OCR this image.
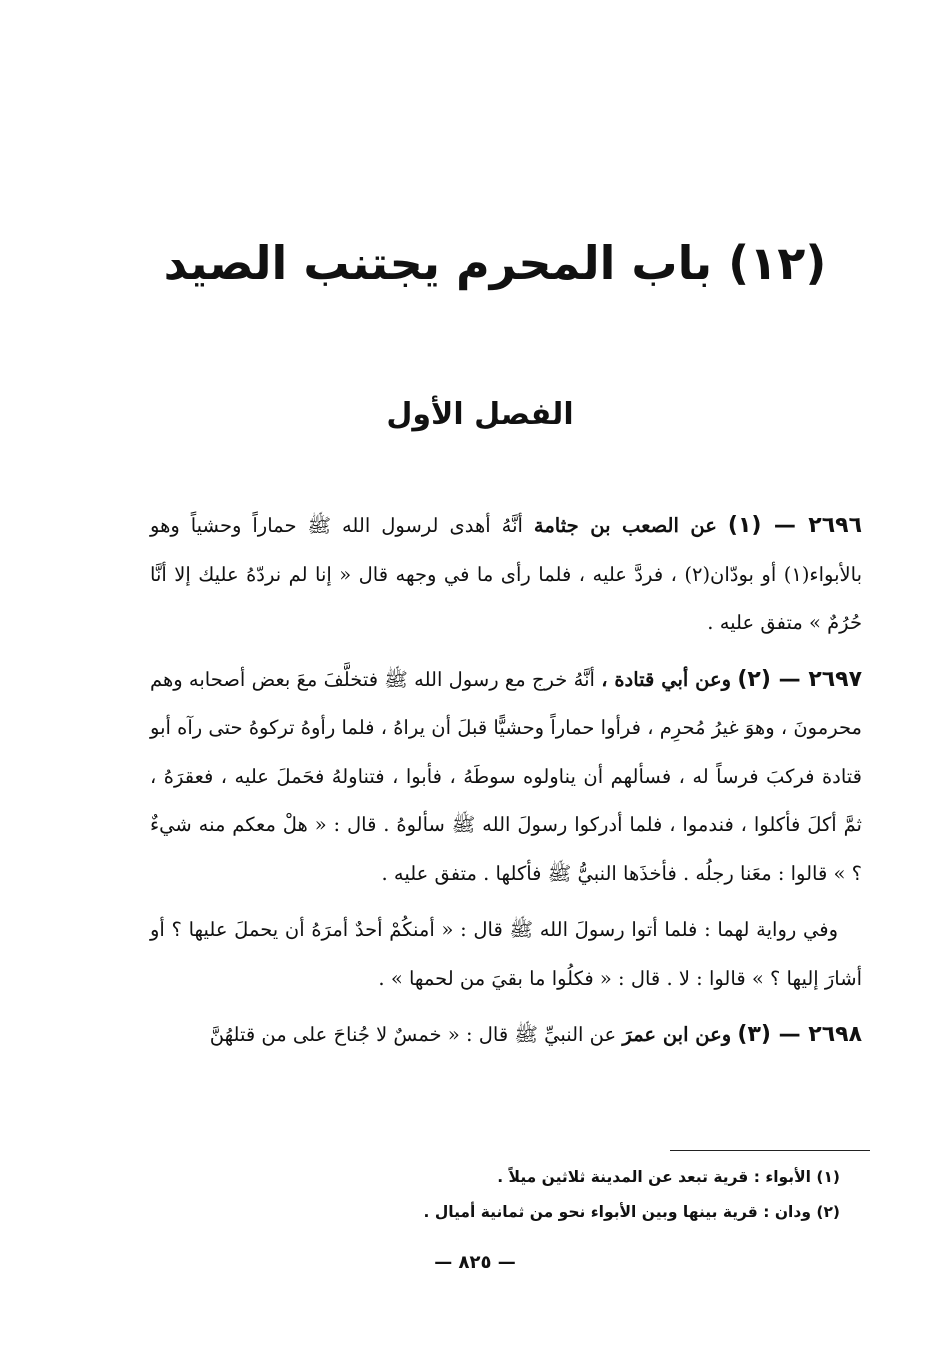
(١٢) باب المحرم يجتنب الصيد
الفصل الأول

٢٦٩٦ — (١) عن الصعب بن جثامة أنَّهُ أهدى لرسول الله ﷺ حماراً وحشياً وهو بالأبواء(١) أو بودّان(٢) ، فردَّ عليه ، فلما رأى ما في وجهه قال « إنا لم نردّهُ عليك إلا أنَّا حُرُمٌ » متفق عليه .

٢٦٩٧ — (٢) وعن أبي قتادة ، أنَّهُ خرج مع رسول الله ﷺ فتخلَّفَ معَ بعض أصحابه وهم محرمونَ ، وهوَ غيرُ مُحرِم ، فرأوا حماراً وحشيًّا قبلَ أن يراهُ ، فلما رأوهُ تركوهُ حتى رآه أبو قتادة فركبَ فرساً له ، فسألهم أن يناولوه سوطَهُ ، فأبوا ، فتناولهُ فحَملَ عليه ، فعقرَهُ ، ثمَّ أكلَ فأكلوا ، فندموا ، فلما أدركوا رسولَ الله ﷺ سألوهُ . قال : « هلْ معكم منه شيءٌ ؟ » قالوا : معَنا رجلُه . فأخذَها النبيُّ ﷺ فأكلها . متفق عليه .

وفي رواية لهما : فلما أتوا رسولَ الله ﷺ قال : « أمنكُمْ أحدٌ أمرَهُ أن يحملَ عليها ؟ أو أشارَ إليها ؟ » قالوا : لا . قال : « فكلُوا ما بقيَ من لحمها » .

٢٦٩٨ — (٣) وعن ابن عمرَ عن النبيِّ ﷺ قال : « خمسٌ لا جُناحَ على من قتلهُنَّ

(١) الأبواء : قرية تبعد عن المدينة ثلاثين ميلاً .

(٢) ودان : قرية بينها وبين الأبواء نحو من ثمانية أميال .

— ٨٢٥ —
